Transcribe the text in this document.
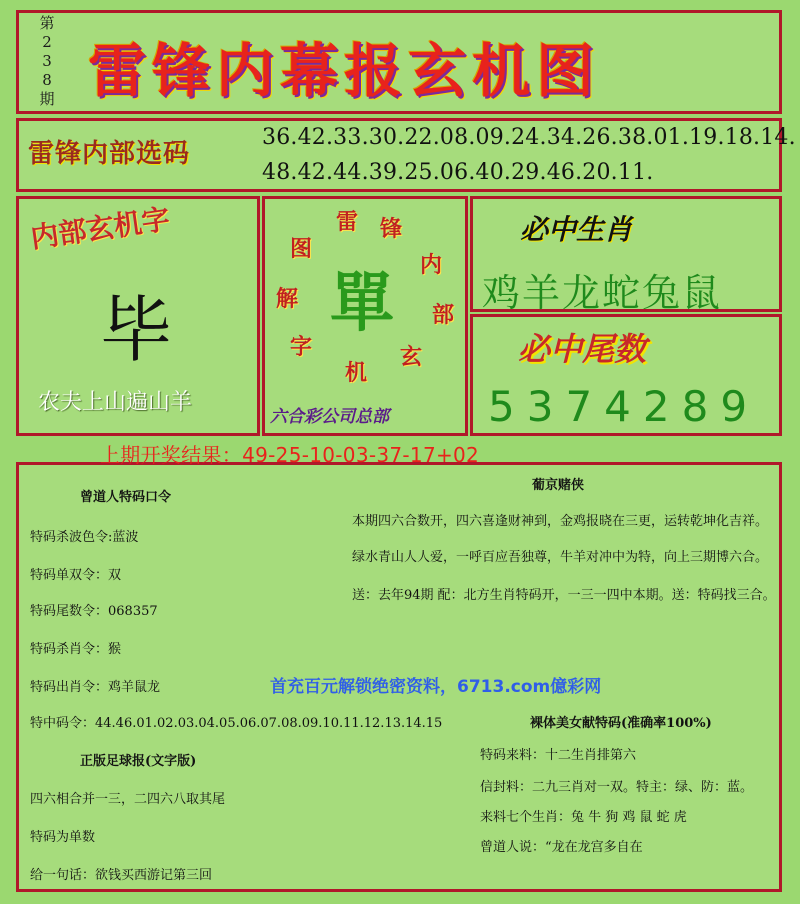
第
2
3
8
期 雷锋内幕报玄机图
雷锋内部选码
36.42.33.30.22.08.09.24.34.26.38.01.19.18.14.
48.42.44.39.25.06.40.29.46.20.11.
内部玄机字
毕
农夫上山遍山羊
雷 锋
内
部
玄
机
字
解
图
單
六合彩公司总部
必中生肖
鸡羊龙蛇兔鼠
必中尾数
5374289
上期开奖结果：49-25-10-03-37-17+02
曾道人特码口令
特码杀波色令:蓝波
特码单双令：双
特码尾数令：068357
特码杀肖令：猴
特码出肖令：鸡羊鼠龙
特中码令：44.46.01.02.03.04.05.06.07.08.09.10.11.12.13.14.15
正版足球报(文字版)
四六相合并一三，二四六八取其尾
特码为单数
给一句话：欲钱买西游记第三回
葡京赌侠
本期四六合数开，四六喜逢财神到，金鸡报晓在三更，运转乾坤化吉祥。
绿水青山人人爱，一呼百应吾独尊，牛羊对冲中为特，向上三期博六合。
送：去年94期 配：北方生肖特码开，一三一四中本期。送：特码找三合。
裸体美女献特码(准确率100%)
特码来料：十二生肖排第六
信封料：二九三肖对一双。特主：绿、防：蓝。
来料七个生肖：兔 牛 狗 鸡 鼠 蛇 虎
曾道人说：“龙在龙宫多自在
首充百元解锁绝密资料，6713.com億彩网
